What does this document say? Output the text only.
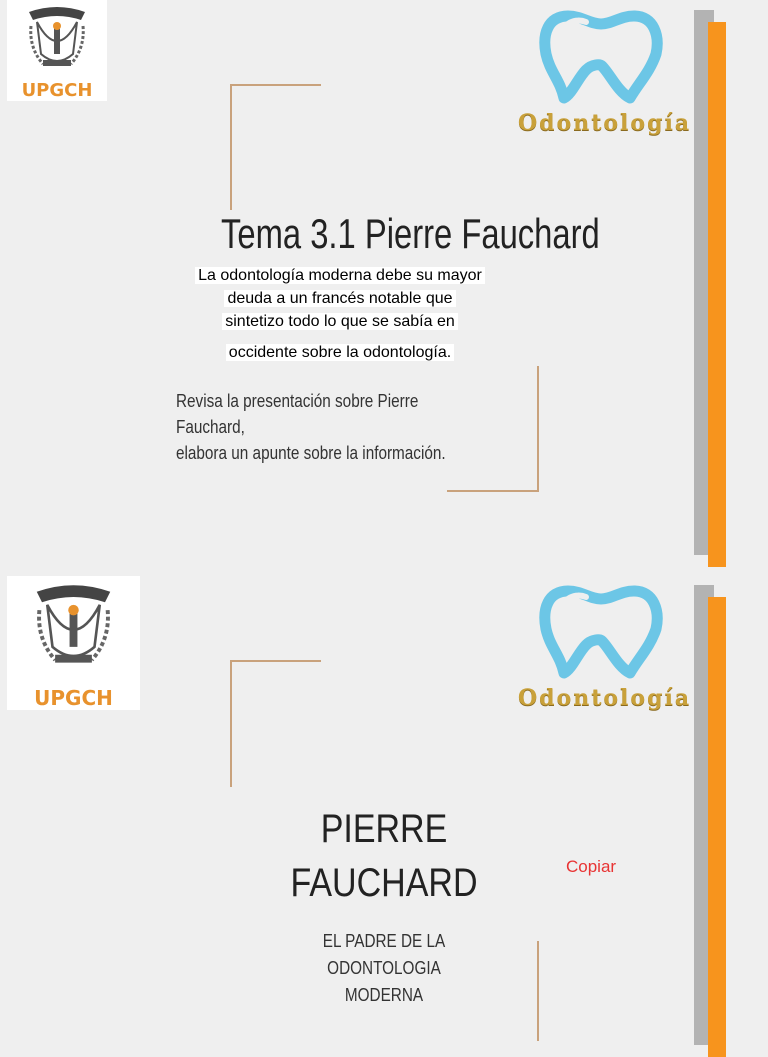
UPGCH
Odontología
Tema 3.1 Pierre Fauchard
La odontología moderna debe su mayor
deuda a un francés notable que
sintetizo todo lo que se sabía en
occidente sobre la odontología.
Revisa la presentación sobre Pierre Fauchard,
elabora un apunte sobre la información.
UPGCH	Odontología
PIERRE
FAUCHARD
EL PADRE DE LA ODONTOLOGIA
MODERNA
Copiar
